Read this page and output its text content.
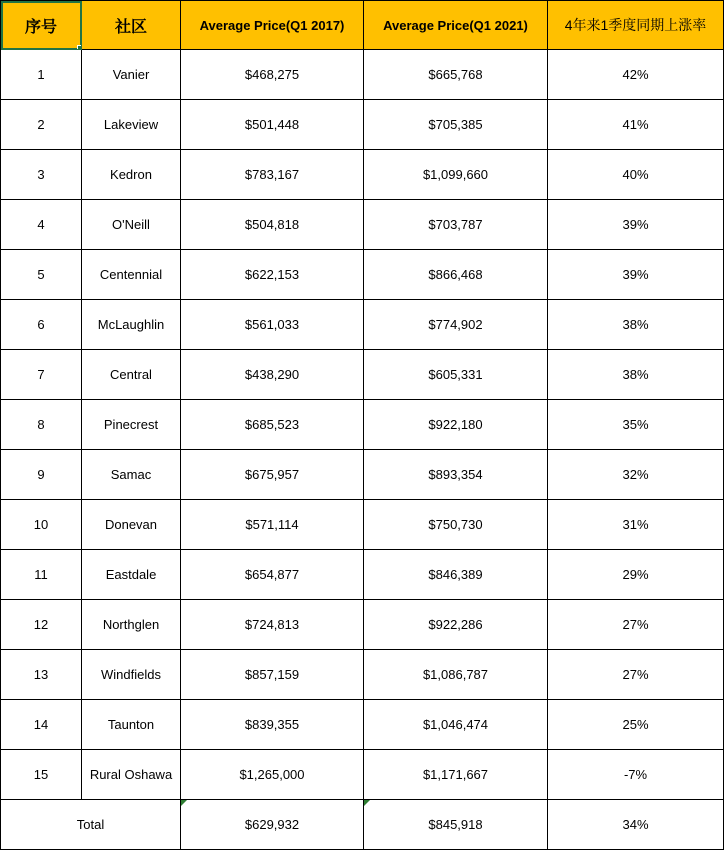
序号	社区	Average Price(Q1 2017)	Average Price(Q1 2021)	4年来1季度同期上涨率
1	Vanier	$468,275	$665,768	42%
2	Lakeview	$501,448	$705,385	41%
3	Kedron	$783,167	$1,099,660	40%
4	O'Neill	$504,818	$703,787	39%
5	Centennial	$622,153	$866,468	39%
6	McLaughlin	$561,033	$774,902	38%
7	Central	$438,290	$605,331	38%
8	Pinecrest	$685,523	$922,180	35%
9	Samac	$675,957	$893,354	32%
10	Donevan	$571,114	$750,730	31%
11	Eastdale	$654,877	$846,389	29%
12	Northglen	$724,813	$922,286	27%
13	Windfields	$857,159	$1,086,787	27%
14	Taunton	$839,355	$1,046,474	25%
15	Rural Oshawa	$1,265,000	$1,171,667	-7%
Total		$629,932	$845,918	34%
